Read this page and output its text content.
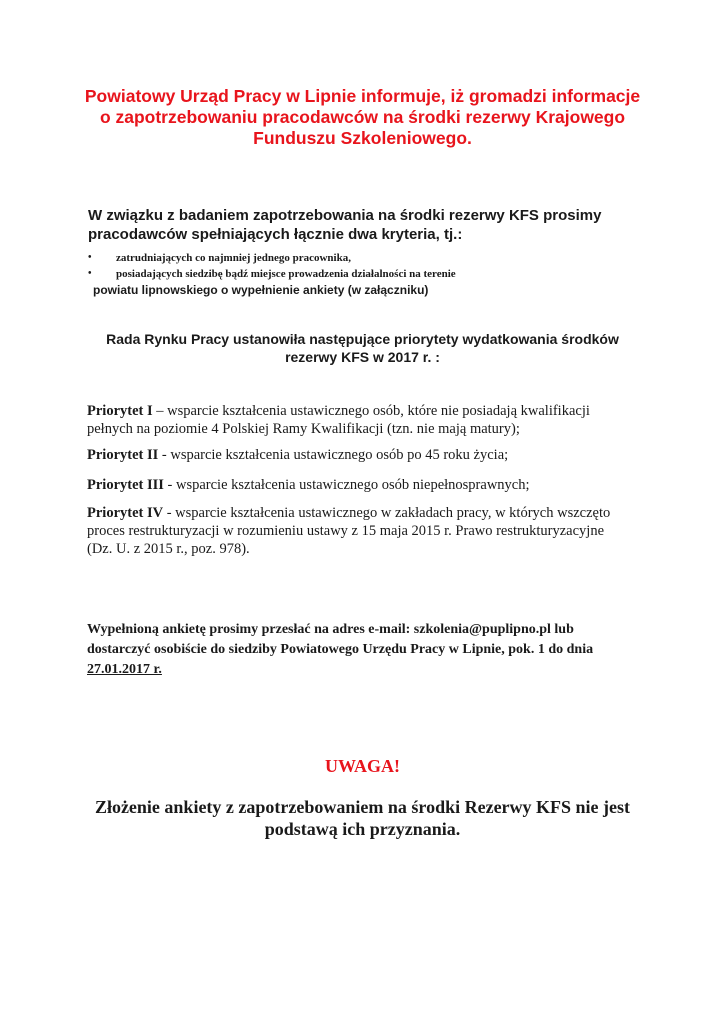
Powiatowy Urząd Pracy w Lipnie informuje, iż gromadzi informacje
o zapotrzebowaniu pracodawców na środki rezerwy Krajowego
Funduszu Szkoleniowego.
W związku z badaniem zapotrzebowania na środki rezerwy KFS prosimy
pracodawców spełniających łącznie dwa kryteria, tj.:
• zatrudniających co najmniej jednego pracownika,
• posiadających siedzibę bądź miejsce prowadzenia działalności na terenie
powiatu lipnowskiego o wypełnienie ankiety (w załączniku)
Rada Rynku Pracy ustanowiła następujące priorytety wydatkowania środków
rezerwy KFS w 2017 r. :
Priorytet I – wsparcie kształcenia ustawicznego osób, które nie posiadają kwalifikacji
pełnych na poziomie 4 Polskiej Ramy Kwalifikacji (tzn. nie mają matury);
Priorytet II - wsparcie kształcenia ustawicznego osób po 45 roku życia;
Priorytet III - wsparcie kształcenia ustawicznego osób niepełnosprawnych;
Priorytet IV - wsparcie kształcenia ustawicznego w zakładach pracy, w których wszczęto
proces restrukturyzacji w rozumieniu ustawy z 15 maja 2015 r. Prawo restrukturyzacyjne
(Dz. U. z 2015 r., poz. 978).
Wypełnioną ankietę prosimy przesłać na adres e-mail: szkolenia@puplipno.pl lub
dostarczyć osobiście do siedziby Powiatowego Urzędu Pracy w Lipnie, pok. 1 do dnia
27.01.2017 r.
UWAGA!
Złożenie ankiety z zapotrzebowaniem na środki Rezerwy KFS nie jest
podstawą ich przyznania.
